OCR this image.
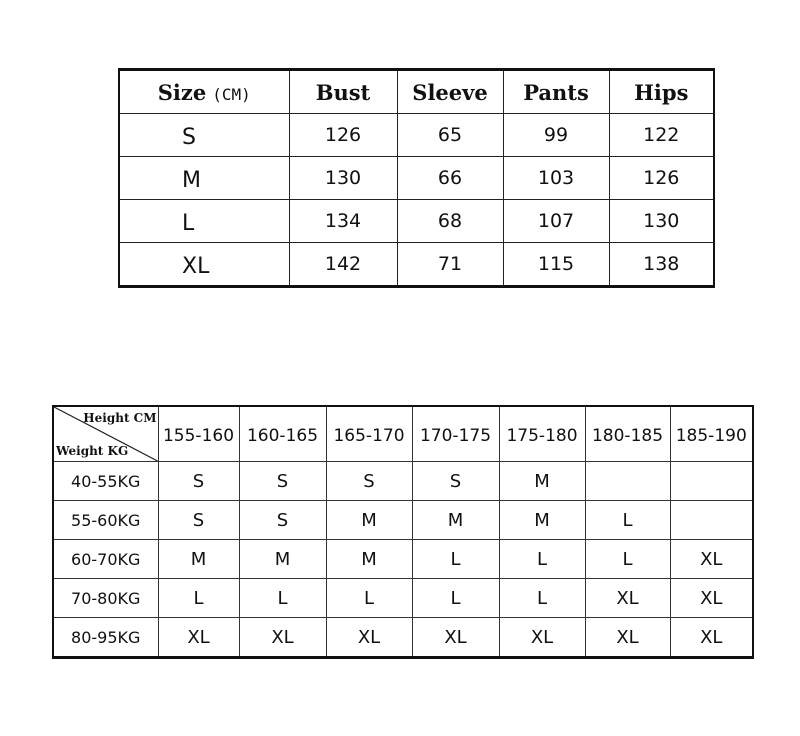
Size (CM)	Bust	Sleeve	Pants	Hips
S	126	65	99	122
M	130	66	103	126
L	134	68	107	130
XL	142	71	115	138
Height CM
Weight KG	155-160	160-165	165-170	170-175	175-180	180-185	185-190
40-55KG	S	S	S	S	M		
55-60KG	S	S	M	M	M	L	
60-70KG	M	M	M	L	L	L	XL
70-80KG	L	L	L	L	L	XL	XL
80-95KG	XL	XL	XL	XL	XL	XL	XL
